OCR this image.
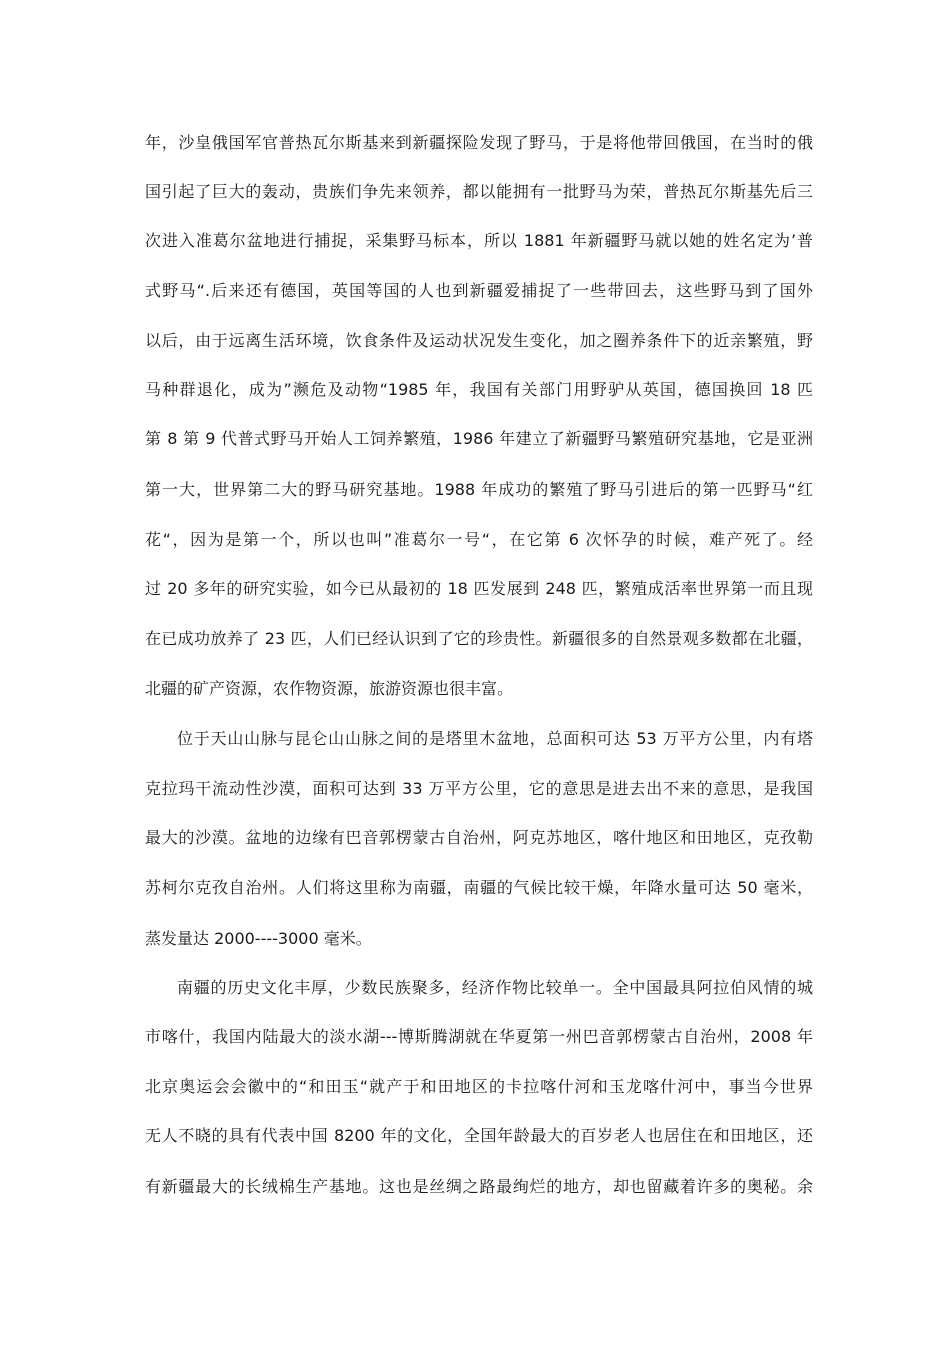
年，沙皇俄国军官普热瓦尔斯基来到新疆探险发现了野马，于是将他带回俄国，在当时的俄
国引起了巨大的轰动，贵族们争先来领养，都以能拥有一批野马为荣，普热瓦尔斯基先后三
次进入准葛尔盆地进行捕捉，采集野马标本，所以 1881 年新疆野马就以她的姓名定为’普
式野马“.后来还有德国，英国等国的人也到新疆爱捕捉了一些带回去，这些野马到了国外
以后，由于远离生活环境，饮食条件及运动状况发生变化，加之圈养条件下的近亲繁殖，野
马种群退化，成为”濒危及动物“1985 年，我国有关部门用野驴从英国，德国换回 18 匹
第 8 第 9 代普式野马开始人工饲养繁殖，1986 年建立了新疆野马繁殖研究基地，它是亚洲
第一大，世界第二大的野马研究基地。1988 年成功的繁殖了野马引进后的第一匹野马“红
花“，因为是第一个，所以也叫”准葛尔一号“，在它第 6 次怀孕的时候，难产死了。经
过 20 多年的研究实验，如今已从最初的 18 匹发展到 248 匹，繁殖成活率世界第一而且现
在已成功放养了 23 匹，人们已经认识到了它的珍贵性。新疆很多的自然景观多数都在北疆，
北疆的矿产资源，农作物资源，旅游资源也很丰富。
位于天山山脉与昆仑山山脉之间的是塔里木盆地，总面积可达 53 万平方公里，内有塔
克拉玛干流动性沙漠，面积可达到 33 万平方公里，它的意思是进去出不来的意思，是我国
最大的沙漠。盆地的边缘有巴音郭楞蒙古自治州，阿克苏地区，喀什地区和田地区，克孜勒
苏柯尔克孜自治州。人们将这里称为南疆，南疆的气候比较干燥，年降水量可达 50 毫米，
蒸发量达 2000----3000 毫米。
南疆的历史文化丰厚，少数民族聚多，经济作物比较单一。全中国最具阿拉伯风情的城
市喀什，我国内陆最大的淡水湖---博斯腾湖就在华夏第一州巴音郭楞蒙古自治州，2008 年
北京奥运会会徽中的“和田玉“就产于和田地区的卡拉喀什河和玉龙喀什河中，事当今世界
无人不晓的具有代表中国 8200 年的文化，全国年龄最大的百岁老人也居住在和田地区，还
有新疆最大的长绒棉生产基地。这也是丝绸之路最绚烂的地方，却也留藏着许多的奥秘。余
